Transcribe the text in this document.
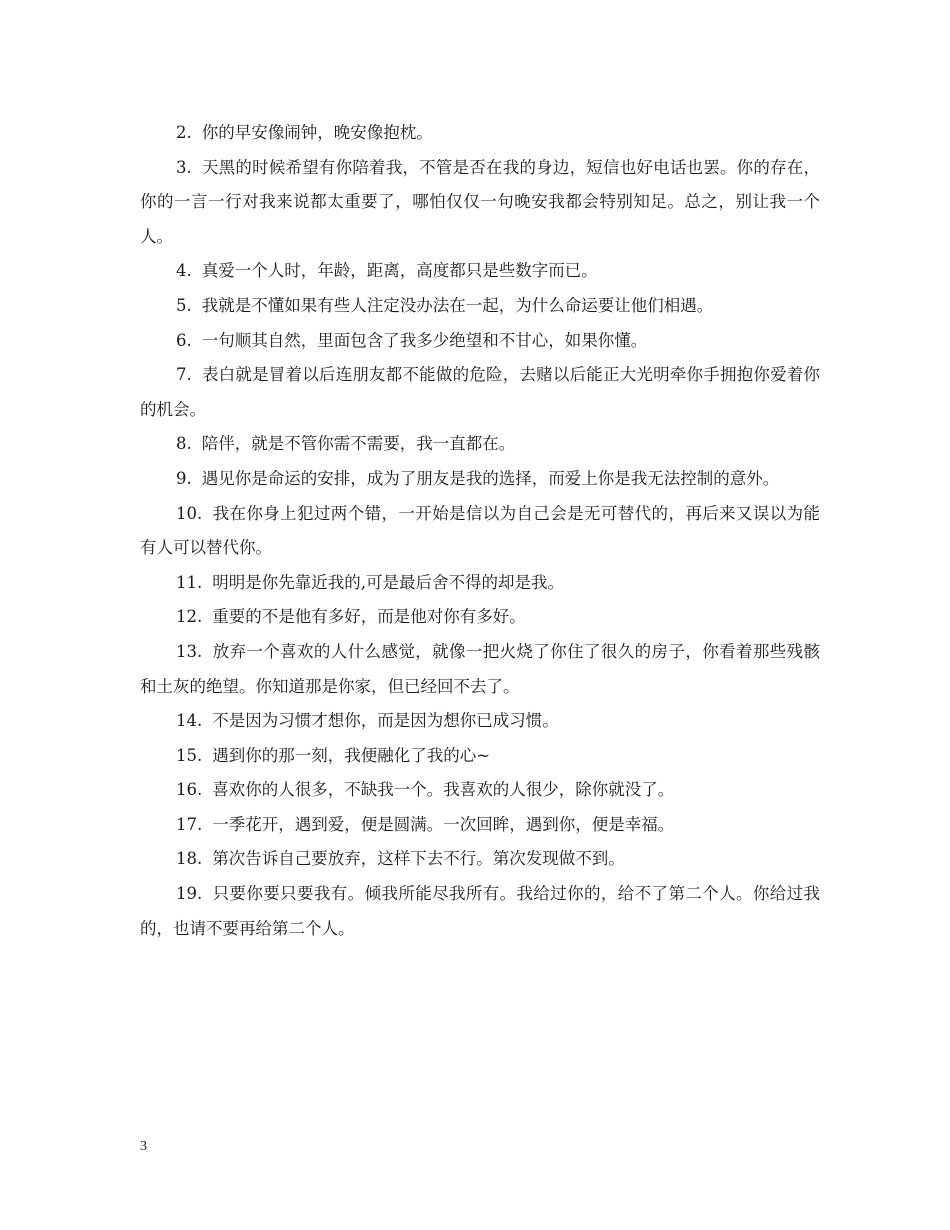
2. 你的早安像闹钟，晚安像抱枕。

3. 天黑的时候希望有你陪着我，不管是否在我的身边，短信也好电话也罢。你的存在，你的一言一行对我来说都太重要了，哪怕仅仅一句晚安我都会特别知足。总之，别让我一个人。

4. 真爱一个人时，年龄，距离，高度都只是些数字而已。

5. 我就是不懂如果有些人注定没办法在一起，为什么命运要让他们相遇。

6. 一句顺其自然，里面包含了我多少绝望和不甘心，如果你懂。

7. 表白就是冒着以后连朋友都不能做的危险，去赌以后能正大光明牵你手拥抱你爱着你的机会。

8. 陪伴，就是不管你需不需要，我一直都在。

9. 遇见你是命运的安排，成为了朋友是我的选择，而爱上你是我无法控制的意外。

10. 我在你身上犯过两个错，一开始是信以为自己会是无可替代的，再后来又误以为能有人可以替代你。

11. 明明是你先靠近我的,可是最后舍不得的却是我。

12. 重要的不是他有多好，而是他对你有多好。

13. 放弃一个喜欢的人什么感觉，就像一把火烧了你住了很久的房子，你看着那些残骸和土灰的绝望。你知道那是你家，但已经回不去了。

14. 不是因为习惯才想你，而是因为想你已成习惯。

15. 遇到你的那一刻，我便融化了我的心~

16. 喜欢你的人很多，不缺我一个。我喜欢的人很少，除你就没了。

17. 一季花开，遇到爱，便是圆满。一次回眸，遇到你，便是幸福。

18. 第次告诉自己要放弃，这样下去不行。第次发现做不到。

19. 只要你要只要我有。倾我所能尽我所有。我给过你的，给不了第二个人。你给过我的，也请不要再给第二个人。

3
